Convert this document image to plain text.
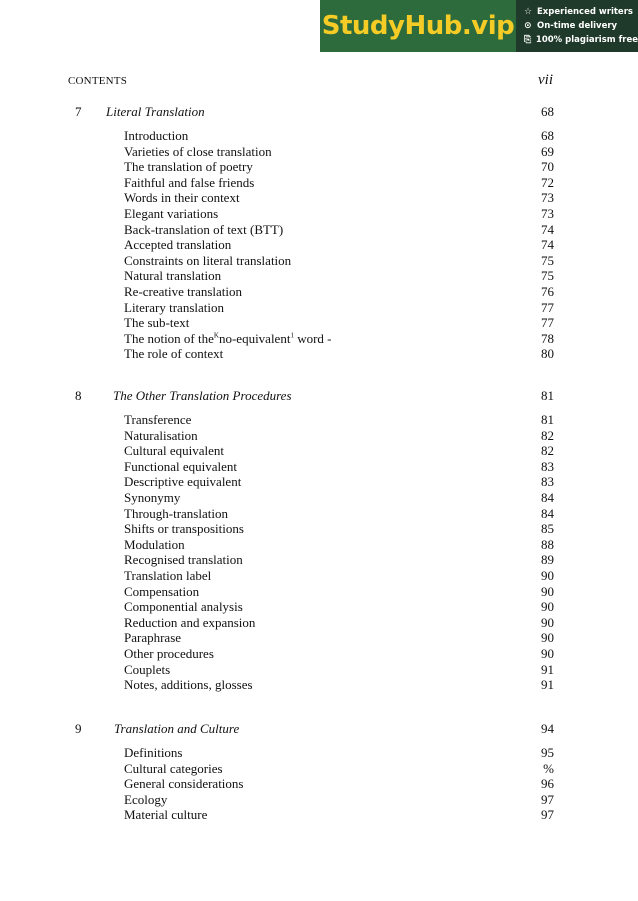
StudyHub.vip ☆ Experienced writers
⊙ On-time delivery
⎘ 100% plagiarism free
CONTENTS	vii
7 Literal Translation	68
Introduction	68
Varieties of close translation	69
The translation of poetry	70
Faithful and false friends	72
Words in their context	73
Elegant variations	73
Back-translation of text (BTT)	74
Accepted translation	74
Constraints on literal translation	75
Natural translation	75
Re-creative translation	76
Literary translation	77
The sub-text	77
The notion of the$^K$no-equivalent$^1$ word -	78
The role of context	80
8 The Other Translation Procedures	81
Transference	81
Naturalisation	82
Cultural equivalent	82
Functional equivalent	83
Descriptive equivalent	83
Synonymy	84
Through-translation	84
Shifts or transpositions	85
Modulation	88
Recognised translation	89
Translation label	90
Compensation	90
Componential analysis	90
Reduction and expansion	90
Paraphrase	90
Other procedures	90
Couplets	91
Notes, additions, glosses	91
9	Translation and Culture	94
Definitions	95
Cultural categories	%
General considerations	96
Ecology	97
Material culture	97
